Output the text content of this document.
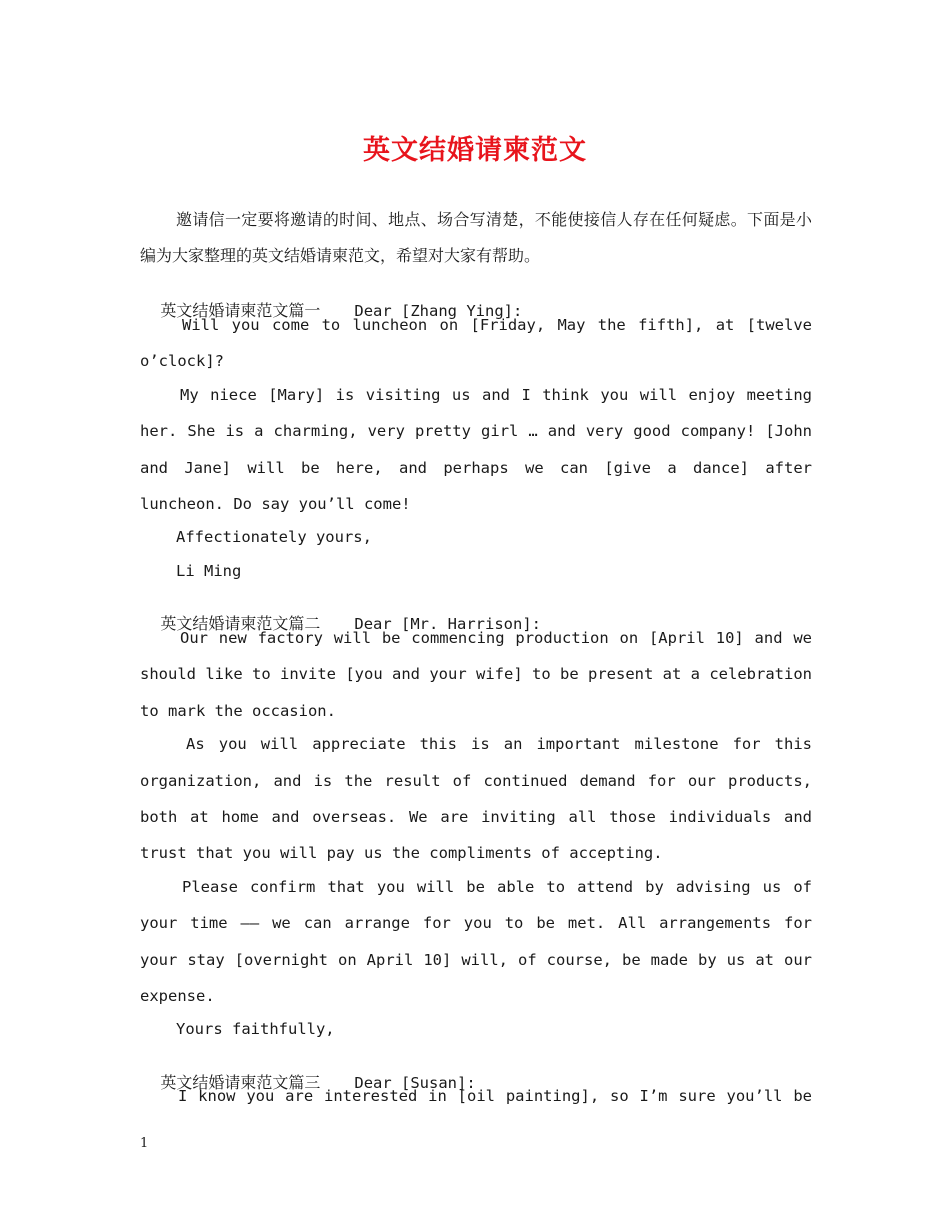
英文结婚请柬范文
邀请信一定要将邀请的时间、地点、场合写清楚，不能使接信人存在任何疑虑。下面是小编为大家整理的英文结婚请柬范文，希望对大家有帮助。

英文结婚请柬范文篇一 Dear [Zhang Ying]:

Will you come to luncheon on [Friday, May the fifth], at [twelve
o’clock]?
My niece [Mary] is visiting us and I think you will enjoy meeting
her. She is a charming, very pretty girl … and very good company! [John
and Jane] will be here, and perhaps we can [give a dance] after
luncheon. Do say you’ll come!
Affectionately yours,
Li Ming

英文结婚请柬范文篇二 Dear [Mr. Harrison]:

Our new factory will be commencing production on [April 10] and we
should like to invite [you and your wife] to be present at a celebration
to mark the occasion.
As you will appreciate this is an important milestone for this
organization, and is the result of continued demand for our products,
both at home and overseas. We are inviting all those individuals and
trust that you will pay us the compliments of accepting.
Please confirm that you will be able to attend by advising us of
your time —— we can arrange for you to be met. All arrangements for
your stay [overnight on April 10] will, of course, be made by us at our
expense.
Yours faithfully,

英文结婚请柬范文篇三 Dear [Susan]:

I know you are interested in [oil painting], so I’m sure you’ll be
1
